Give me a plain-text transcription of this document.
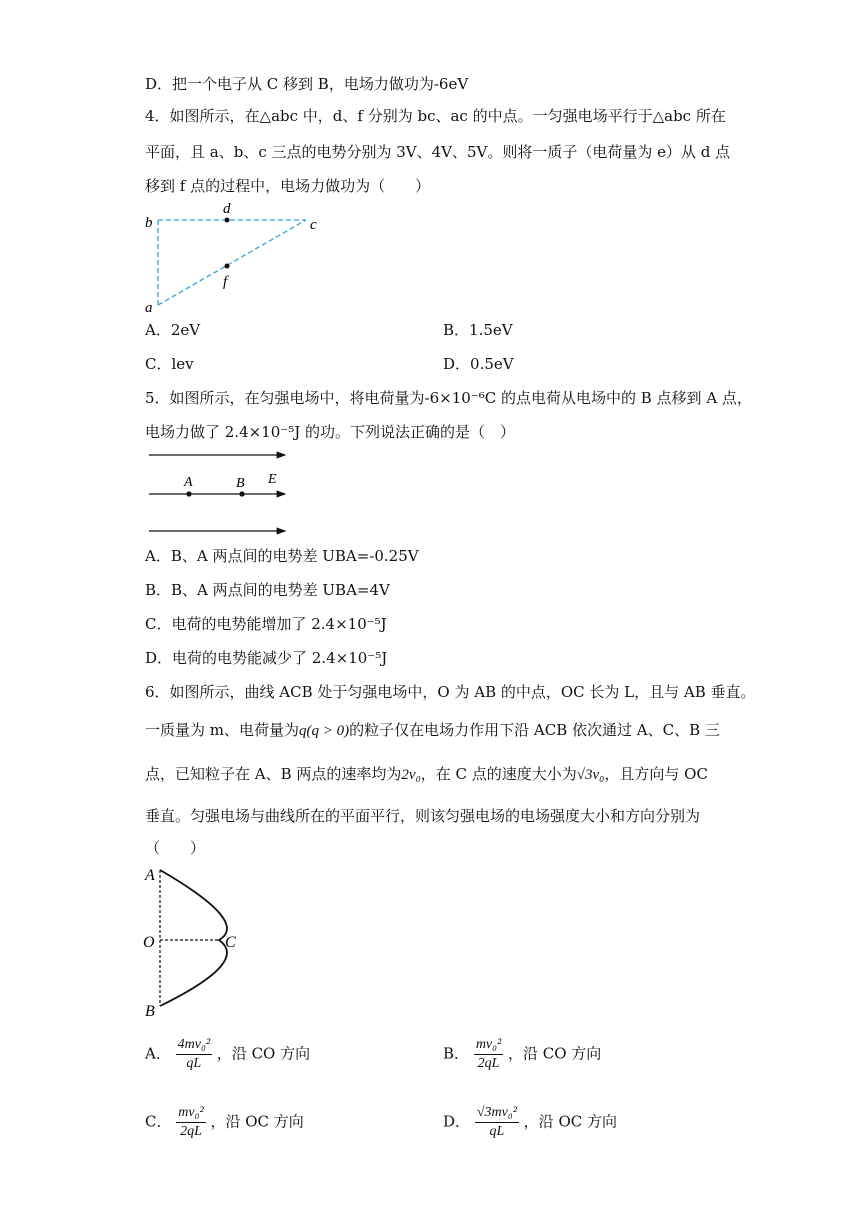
D．把一个电子从 C 移到 B，电场力做功为-6eV
4．如图所示，在△abc 中，d、f 分别为 bc、ac 的中点。一匀强电场平行于△abc 所在
平面，且 a、b、c 三点的电势分别为 3V、4V、5V。则将一质子（电荷量为 e）从 d 点
移到 f 点的过程中，电场力做功为（　　）
b
d
c
f
a
A．2eV	B．1.5eV
C．lev	D．0.5eV
5．如图所示，在匀强电场中，将电荷量为-6×10⁻⁶C 的点电荷从电场中的 B 点移到 A 点，
电场力做了 2.4×10⁻⁵J 的功。下列说法正确的是（　）
A	B E
A．B、A 两点间的电势差 UBA=-0.25V
B．B、A 两点间的电势差 UBA=4V
C．电荷的电势能增加了 2.4×10⁻⁵J
D．电荷的电势能减少了 2.4×10⁻⁵J
6．如图所示，曲线 ACB 处于匀强电场中，O 为 AB 的中点，OC 长为 L，且与 AB 垂直。
一质量为 m、电荷量为q(q > 0)的粒子仅在电场力作用下沿 ACB 依次通过 A、C、B 三
点，已知粒子在 A、B 两点的速率均为2v₀，在 C 点的速度大小为√3v₀，且方向与 OC
垂直。匀强电场与曲线所在的平面平行，则该匀强电场的电场强度大小和方向分别为
（　　）
A
O	C
B
A． $\frac{\text{4mv₀²}}{qL}$ ，沿 CO 方向	B． $\frac{\text{mv₀²}}{2qL}$ ，沿 CO 方向
C． $\frac{\text{mv₀²}}{2qL}$ ，沿 OC 方向	D． $\frac{\text{√3mv₀²}}{qL}$ ，沿 OC 方向
